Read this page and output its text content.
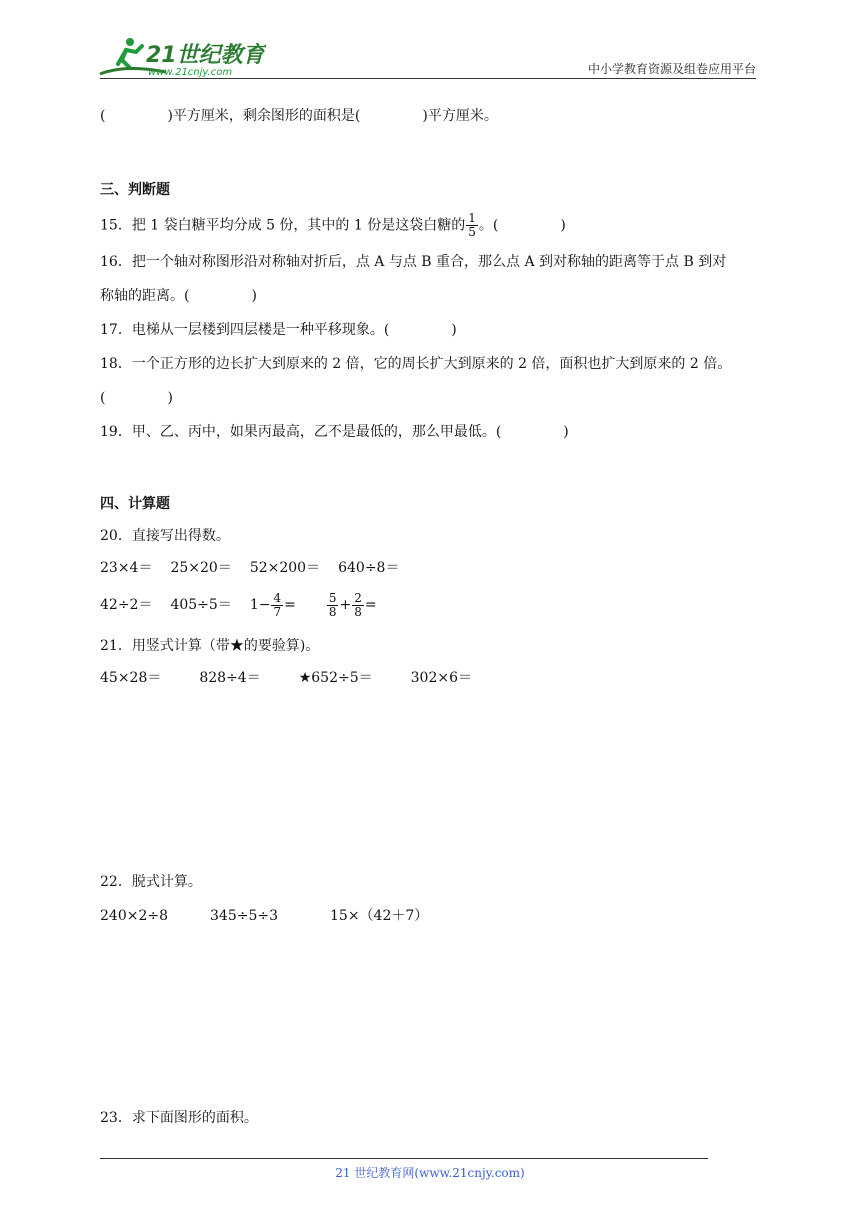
21世纪教育
www.21cnjy.com	中小学教育资源及组卷应用平台
(	)平方厘米，剩余图形的面积是(	)平方厘米。
三、判断题
15．把 1 袋白糖平均分成 5 份，其中的 1 份是这袋白糖的 $\frac{1}{5}$ 。(	)
16．把一个轴对称图形沿对称轴对折后，点 A 与点 B 重合，那么点 A 到对称轴的距离等于点 B 到对
称轴的距离。(	)
17．电梯从一层楼到四层楼是一种平移现象。(	)
18．一个正方形的边长扩大到原来的 2 倍，它的周长扩大到原来的 2 倍，面积也扩大到原来的 2 倍。
(	)
19．甲、乙、丙中，如果丙最高，乙不是最低的，那么甲最低。(	)
四、计算题
20．直接写出得数。
23×4＝ 25×20＝ 52×200＝ 640÷8＝
$42\div 2= 405\div 5= 1- \frac{4}{7}$ =	$\frac{5}{8} + \frac{2}{8}$ =
21．用竖式计算（带★的要验算)。
45×28＝	828÷4＝	★652÷5＝	302×6＝
22．脱式计算。
240×2÷8	345÷5÷3	15×（42＋7）
23．求下面图形的面积。
21 世纪教育网(www.21cnjy.com)
